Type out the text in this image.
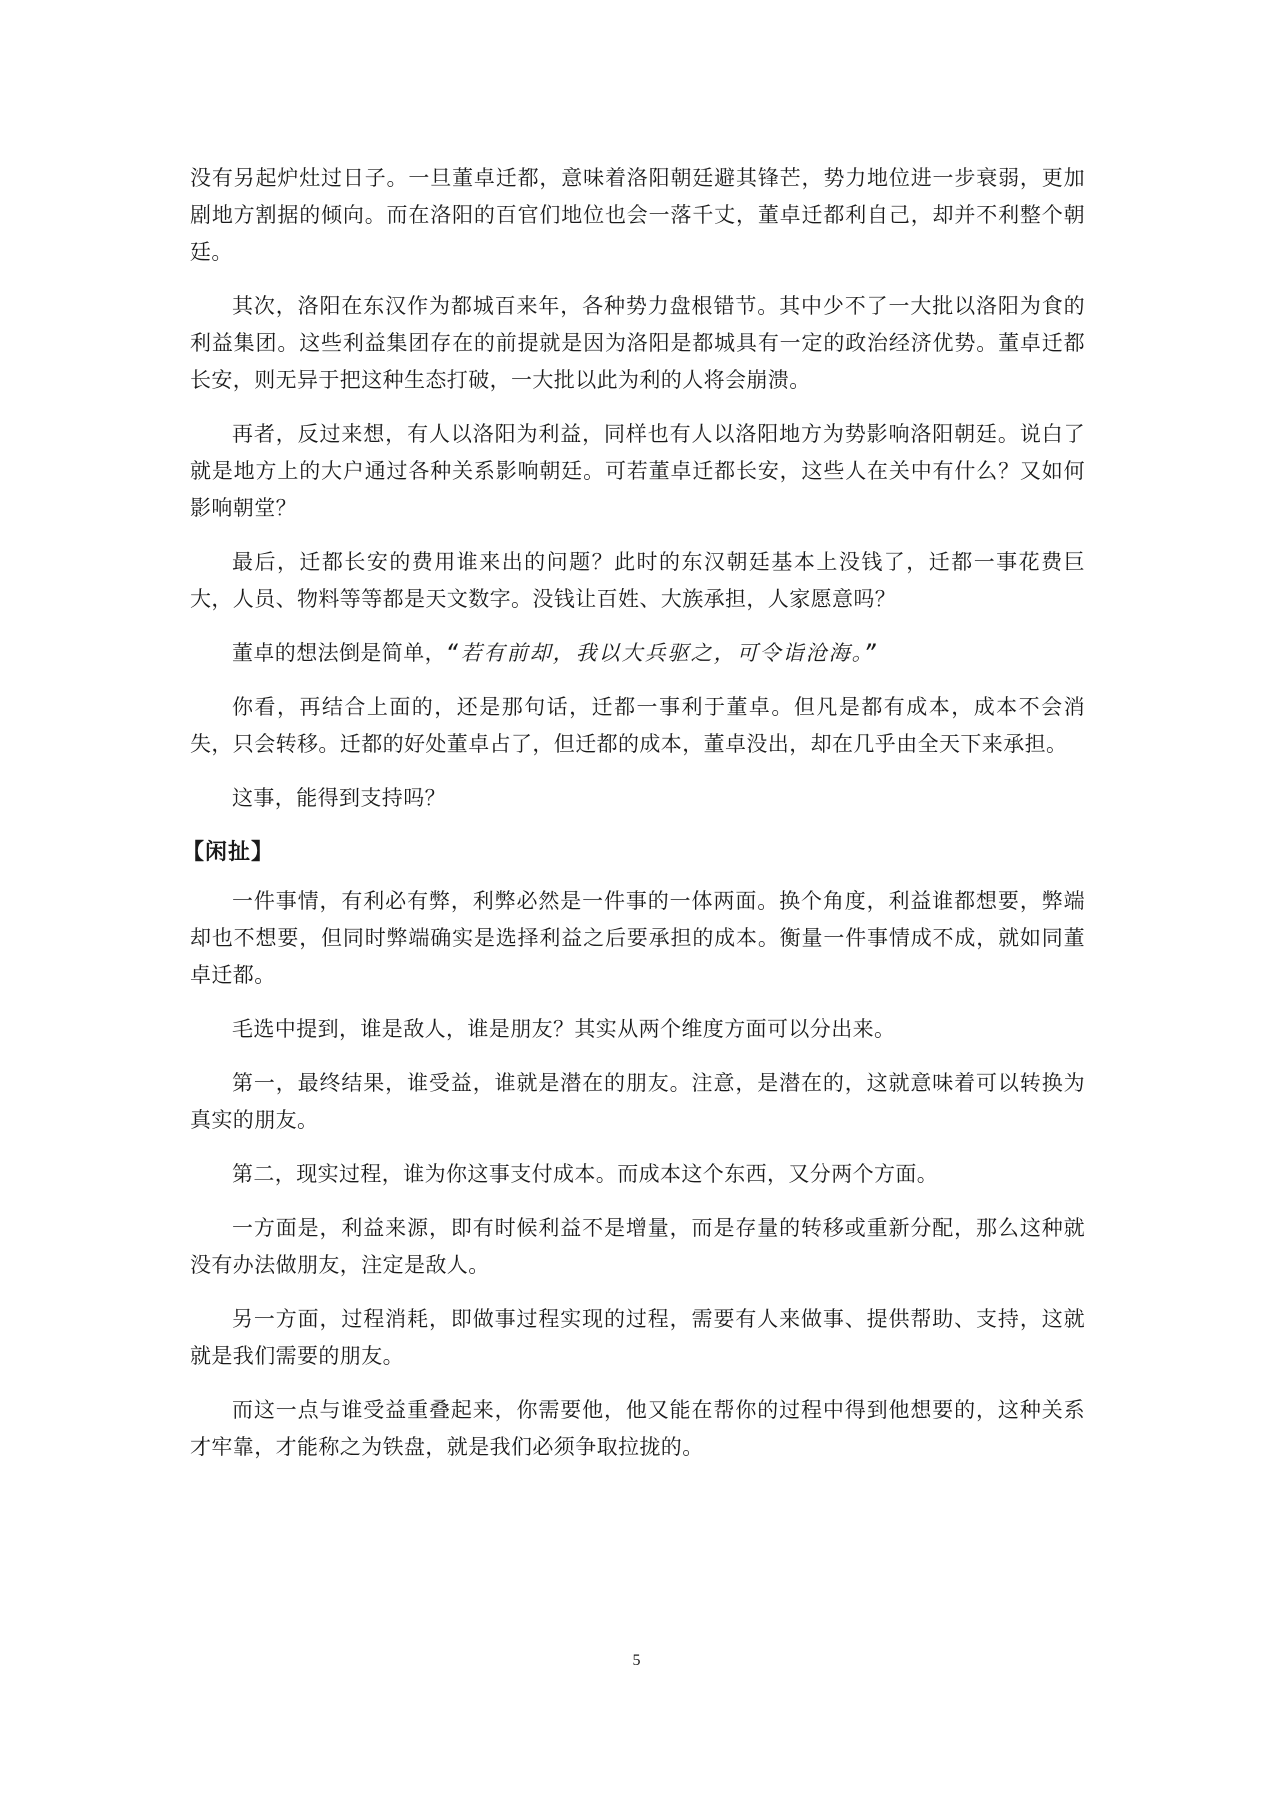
没有另起炉灶过日子。一旦董卓迁都，意味着洛阳朝廷避其锋芒，势力地位进一步衰弱，更加剧地方割据的倾向。而在洛阳的百官们地位也会一落千丈，董卓迁都利自己，却并不利整个朝廷。

其次，洛阳在东汉作为都城百来年，各种势力盘根错节。其中少不了一大批以洛阳为食的利益集团。这些利益集团存在的前提就是因为洛阳是都城具有一定的政治经济优势。董卓迁都长安，则无异于把这种生态打破，一大批以此为利的人将会崩溃。

再者，反过来想，有人以洛阳为利益，同样也有人以洛阳地方为势影响洛阳朝廷。说白了就是地方上的大户通过各种关系影响朝廷。可若董卓迁都长安，这些人在关中有什么？又如何影响朝堂？

最后，迁都长安的费用谁来出的问题？此时的东汉朝廷基本上没钱了，迁都一事花费巨大，人员、物料等等都是天文数字。没钱让百姓、大族承担，人家愿意吗？

董卓的想法倒是简单，“若有前却，我以大兵驱之，可令诣沧海。”

你看，再结合上面的，还是那句话，迁都一事利于董卓。但凡是都有成本，成本不会消失，只会转移。迁都的好处董卓占了，但迁都的成本，董卓没出，却在几乎由全天下来承担。

这事，能得到支持吗？

【闲扯】

一件事情，有利必有弊，利弊必然是一件事的一体两面。换个角度，利益谁都想要，弊端却也不想要，但同时弊端确实是选择利益之后要承担的成本。衡量一件事情成不成，就如同董卓迁都。

毛选中提到，谁是敌人，谁是朋友？其实从两个维度方面可以分出来。

第一，最终结果，谁受益，谁就是潜在的朋友。注意，是潜在的，这就意味着可以转换为真实的朋友。

第二，现实过程，谁为你这事支付成本。而成本这个东西，又分两个方面。

一方面是，利益来源，即有时候利益不是增量，而是存量的转移或重新分配，那么这种就没有办法做朋友，注定是敌人。

另一方面，过程消耗，即做事过程实现的过程，需要有人来做事、提供帮助、支持，这就就是我们需要的朋友。

而这一点与谁受益重叠起来，你需要他，他又能在帮你的过程中得到他想要的，这种关系才牢靠，才能称之为铁盘，就是我们必须争取拉拢的。

5
